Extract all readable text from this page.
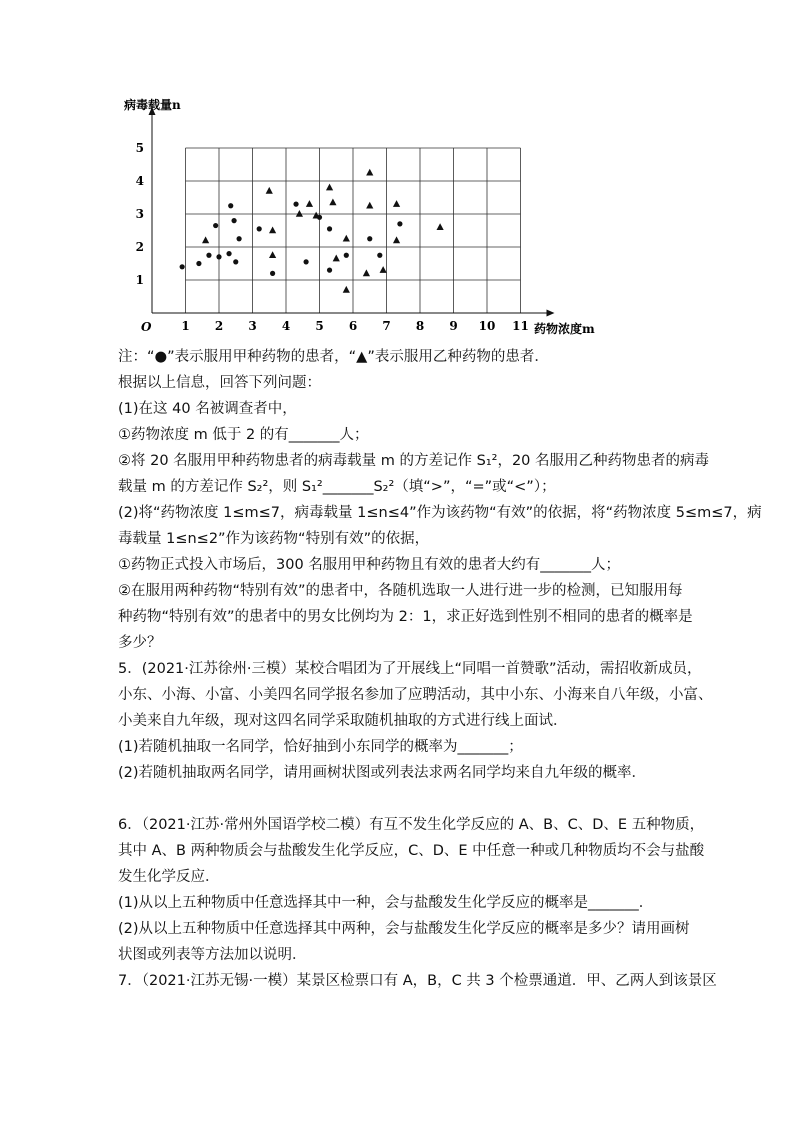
1 2 3 4 5 6 7 8 9 10 11
1
2
3
4
5
病毒载量n
药物浓度m
O

注：“●”表示服用甲种药物的患者，“▲”表示服用乙种药物的患者．

根据以上信息，回答下列问题：

(1)在这 40 名被调查者中，

①药物浓度 m 低于 2 的有_______人；

②将 20 名服用甲种药物患者的病毒载量 m 的方差记作 S₁²，20 名服用乙种药物患者的病毒

载量 m 的方差记作 S₂²，则 S₁²_______S₂²（填“>”，“=”或“<”）；

(2)将“药物浓度 1≤m≤7，病毒载量 1≤n≤4”作为该药物“有效”的依据，将“药物浓度 5≤m≤7，病

毒载量 1≤n≤2”作为该药物“特别有效”的依据，

①药物正式投入市场后，300 名服用甲种药物且有效的患者大约有_______人；

②在服用两种药物“特别有效”的患者中，各随机选取一人进行进一步的检测，已知服用每

种药物“特别有效”的患者中的男女比例均为 2：1，求正好选到性别不相同的患者的概率是

多少？

5．(2021·江苏徐州·三模）某校合唱团为了开展线上“同唱一首赞歌”活动，需招收新成员，

小东、小海、小富、小美四名同学报名参加了应聘活动，其中小东、小海来自八年级，小富、

小美来自九年级，现对这四名同学采取随机抽取的方式进行线上面试．

(1)若随机抽取一名同学，恰好抽到小东同学的概率为_______；

(2)若随机抽取两名同学，请用画树状图或列表法求两名同学均来自九年级的概率．

6．（2021·江苏·常州外国语学校二模）有互不发生化学反应的 A、B、C、D、E 五种物质，

其中 A、B 两种物质会与盐酸发生化学反应，C、D、E 中任意一种或几种物质均不会与盐酸

发生化学反应．

(1)从以上五种物质中任意选择其中一种，会与盐酸发生化学反应的概率是_______．

(2)从以上五种物质中任意选择其中两种，会与盐酸发生化学反应的概率是多少？请用画树

状图或列表等方法加以说明．

7．（2021·江苏无锡·一模）某景区检票口有 A，B，C 共 3 个检票通道．甲、乙两人到该景区
